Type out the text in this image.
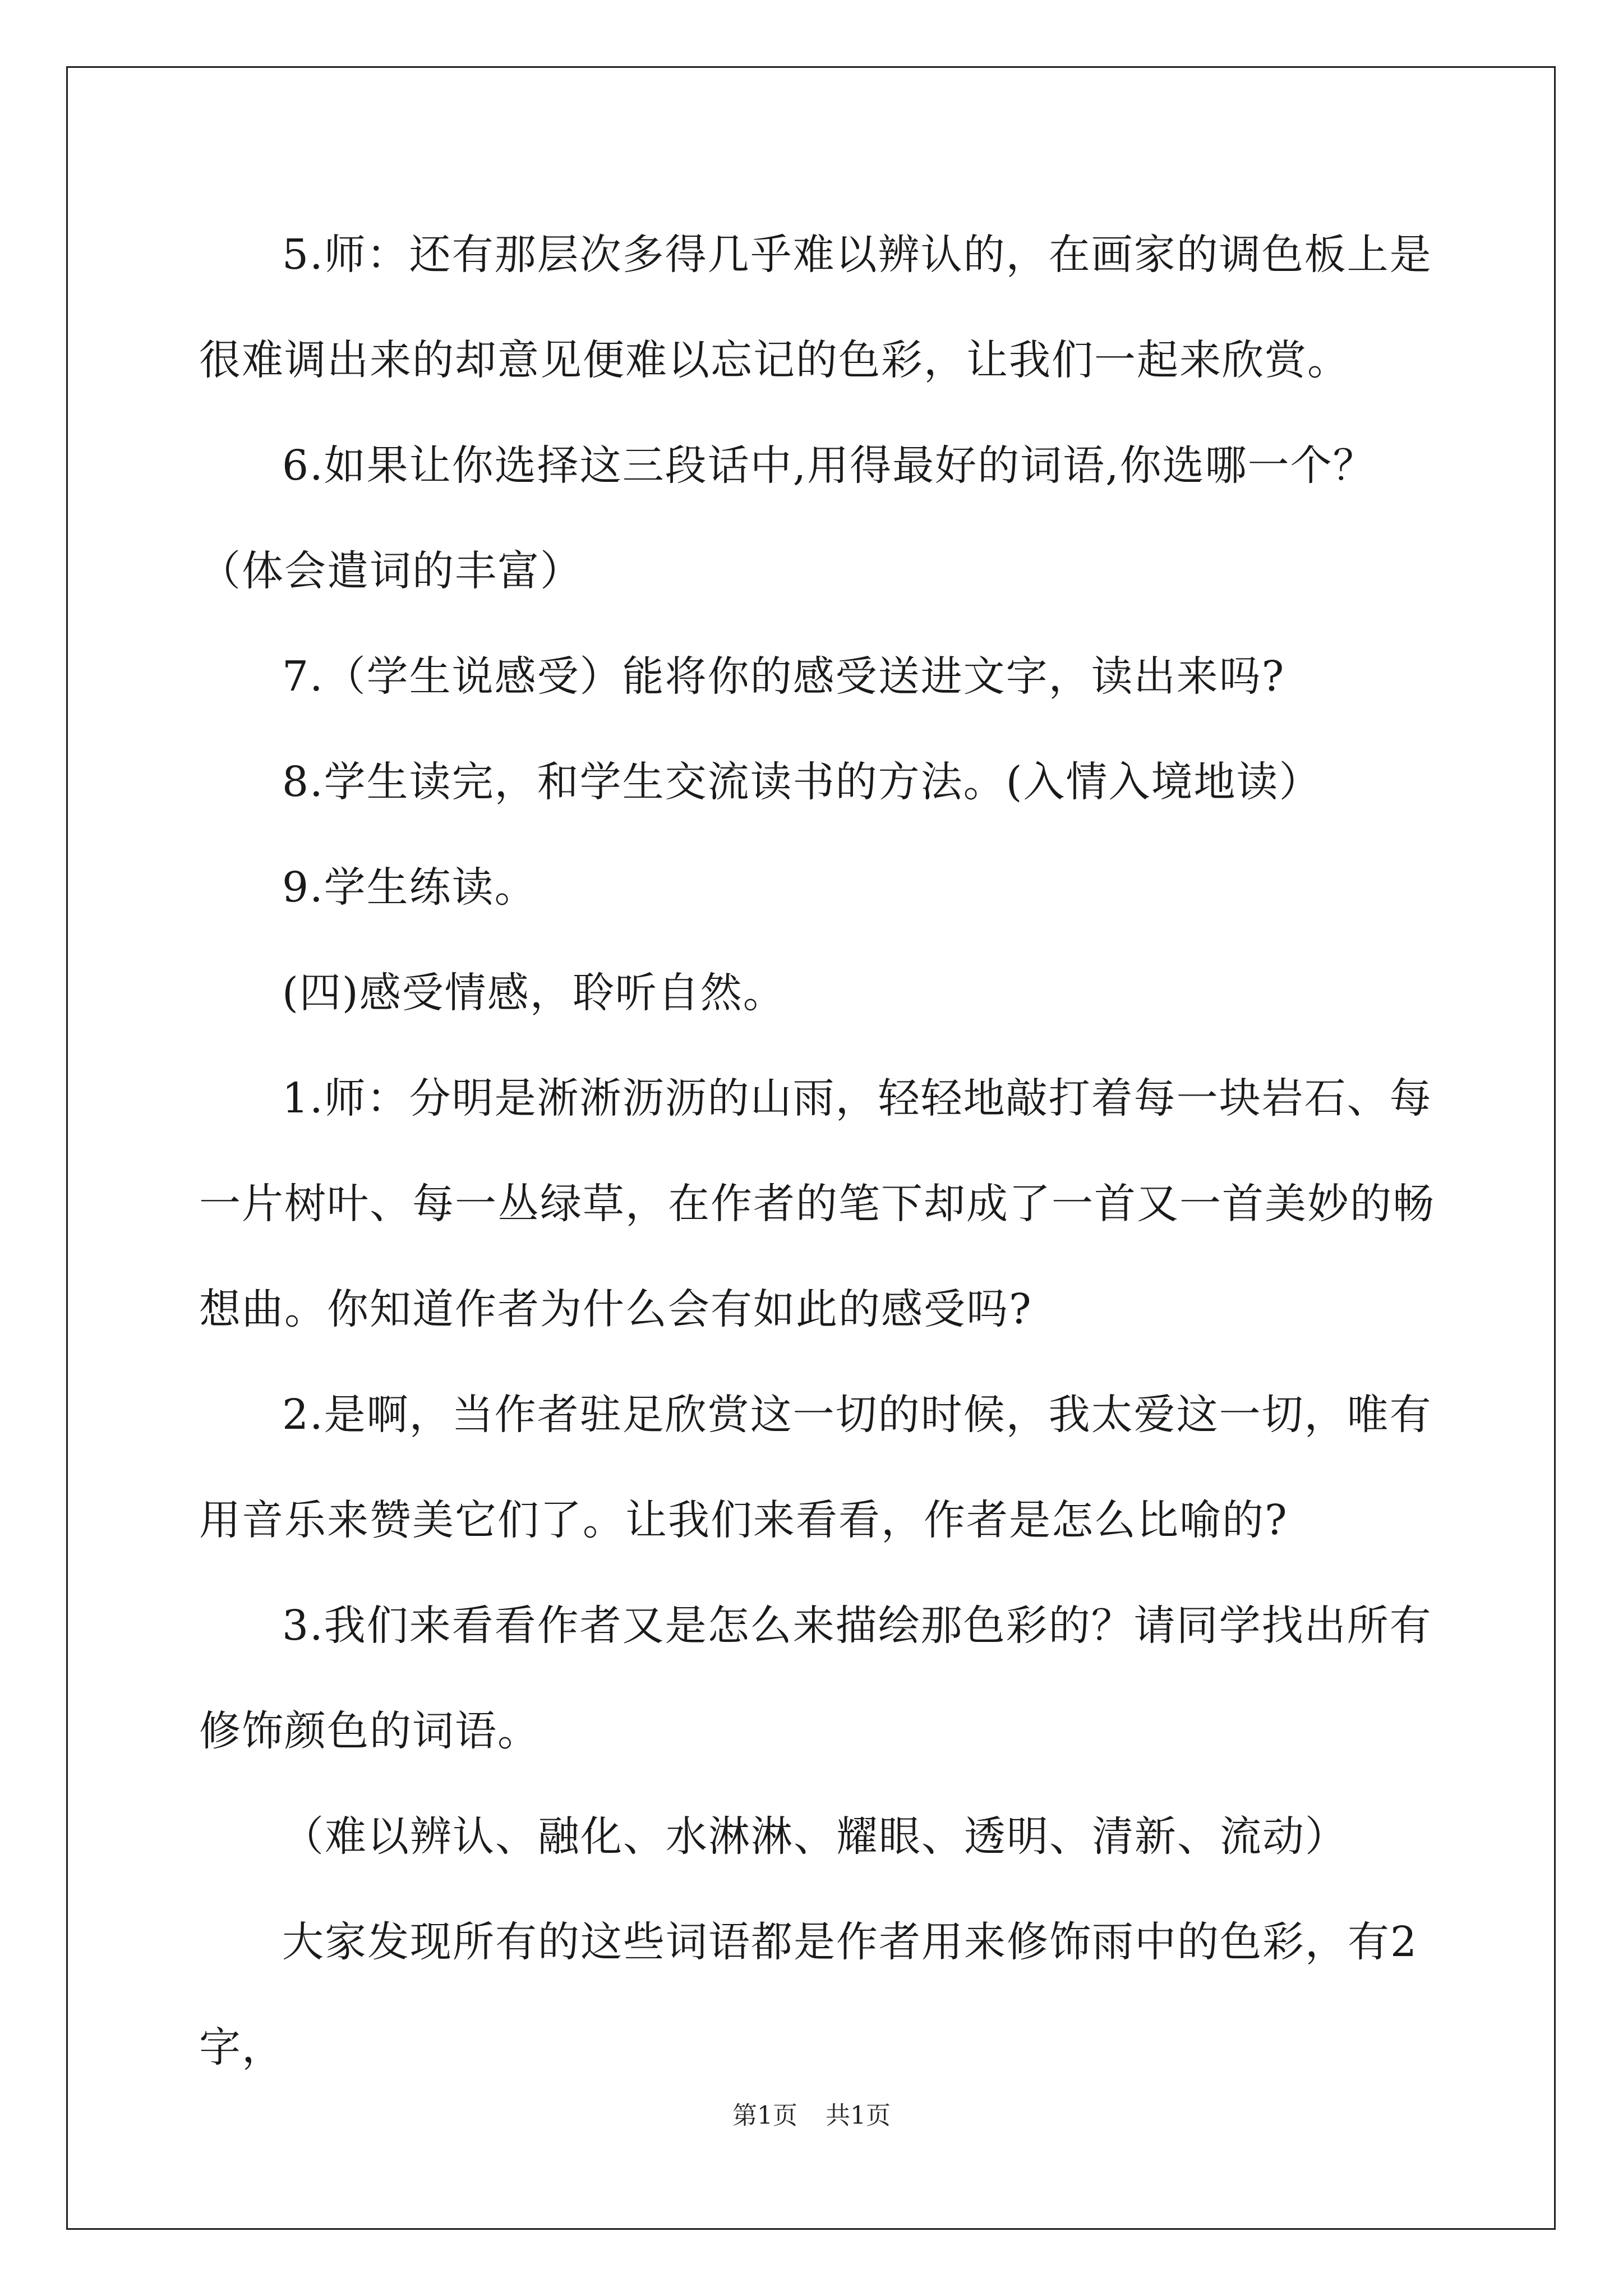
5.师：还有那层次多得几乎难以辨认的，在画家的调色板上是很难调出来的却意见便难以忘记的色彩，让我们一起来欣赏。

6.如果让你选择这三段话中,用得最好的词语,你选哪一个？（体会遣词的丰富）

7.（学生说感受）能将你的感受送进文字，读出来吗?

8.学生读完，和学生交流读书的方法。(入情入境地读）

9.学生练读。

(四)感受情感，聆听自然。

1.师：分明是淅淅沥沥的山雨，轻轻地敲打着每一块岩石、每一片树叶、每一丛绿草，在作者的笔下却成了一首又一首美妙的畅想曲。你知道作者为什么会有如此的感受吗?

2.是啊，当作者驻足欣赏这一切的时候，我太爱这一切，唯有用音乐来赞美它们了。让我们来看看，作者是怎么比喻的?

3.我们来看看作者又是怎么来描绘那色彩的？请同学找出所有修饰颜色的词语。

（难以辨认、融化、水淋淋、耀眼、透明、清新、流动）

大家发现所有的这些词语都是作者用来修饰雨中的色彩，有2字，

第1页 共1页
